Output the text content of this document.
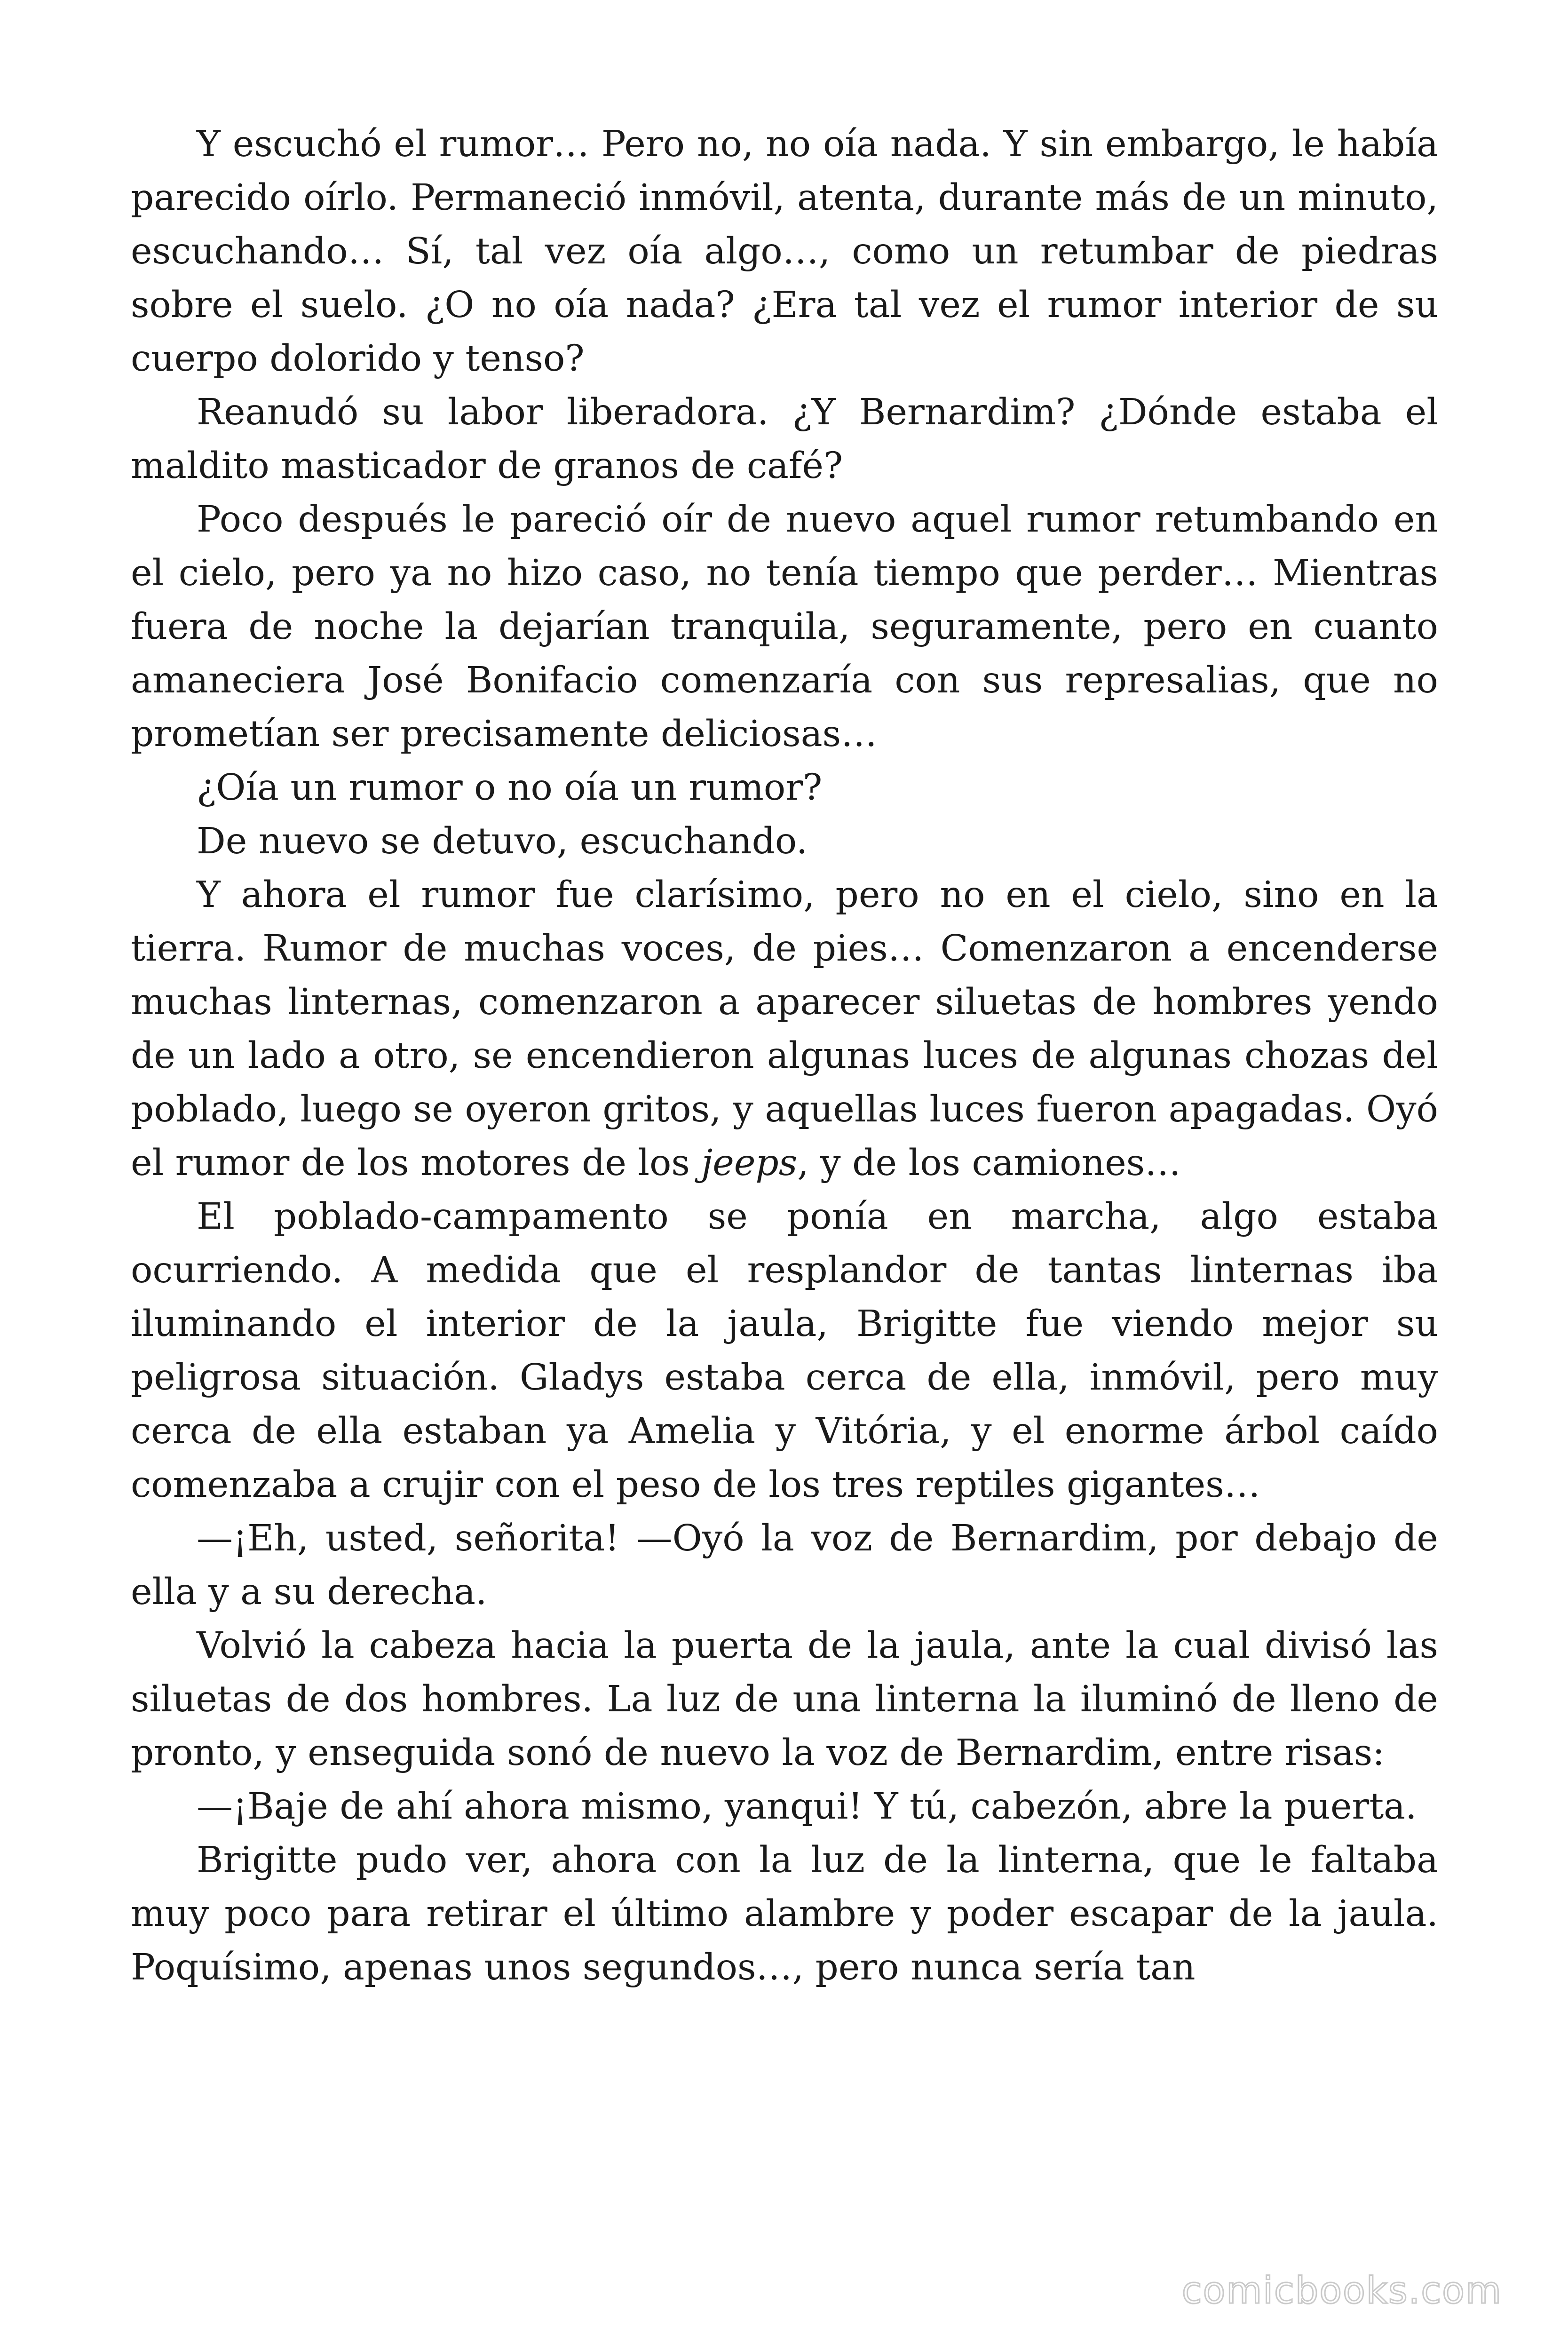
Y escuchó el rumor… Pero no, no oía nada. Y sin embargo, le había parecido oírlo. Permaneció inmóvil, atenta, durante más de un minuto, escuchando… Sí, tal vez oía algo…, como un retumbar de piedras sobre el suelo. ¿O no oía nada? ¿Era tal vez el rumor interior de su cuerpo dolorido y tenso?

Reanudó su labor liberadora. ¿Y Bernardim? ¿Dónde estaba el maldito masticador de granos de café?

Poco después le pareció oír de nuevo aquel rumor retumbando en el cielo, pero ya no hizo caso, no tenía tiempo que perder… Mientras fuera de noche la dejarían tranquila, seguramente, pero en cuanto amaneciera José Bonifacio comenzaría con sus represalias, que no prometían ser precisamente deliciosas…

¿Oía un rumor o no oía un rumor?

De nuevo se detuvo, escuchando.

Y ahora el rumor fue clarísimo, pero no en el cielo, sino en la tierra. Rumor de muchas voces, de pies… Comenzaron a encenderse muchas linternas, comenzaron a aparecer siluetas de hombres yendo de un lado a otro, se encendieron algunas luces de algunas chozas del poblado, luego se oyeron gritos, y aquellas luces fueron apagadas. Oyó el rumor de los motores de los jeeps, y de los camiones…

El poblado-campamento se ponía en marcha, algo estaba ocurriendo. A medida que el resplandor de tantas linternas iba iluminando el interior de la jaula, Brigitte fue viendo mejor su peligrosa situación. Gladys estaba cerca de ella, inmóvil, pero muy cerca de ella estaban ya Amelia y Vitória, y el enorme árbol caído comenzaba a crujir con el peso de los tres reptiles gigantes…

—¡Eh, usted, señorita! —Oyó la voz de Bernardim, por debajo de ella y a su derecha.

Volvió la cabeza hacia la puerta de la jaula, ante la cual divisó las siluetas de dos hombres. La luz de una linterna la iluminó de lleno de pronto, y enseguida sonó de nuevo la voz de Bernardim, entre risas:

—¡Baje de ahí ahora mismo, yanqui! Y tú, cabezón, abre la puerta.

Brigitte pudo ver, ahora con la luz de la linterna, que le faltaba muy poco para retirar el último alambre y poder escapar de la jaula. Poquísimo, apenas unos segundos…, pero nunca sería tan

comicbooks.com
